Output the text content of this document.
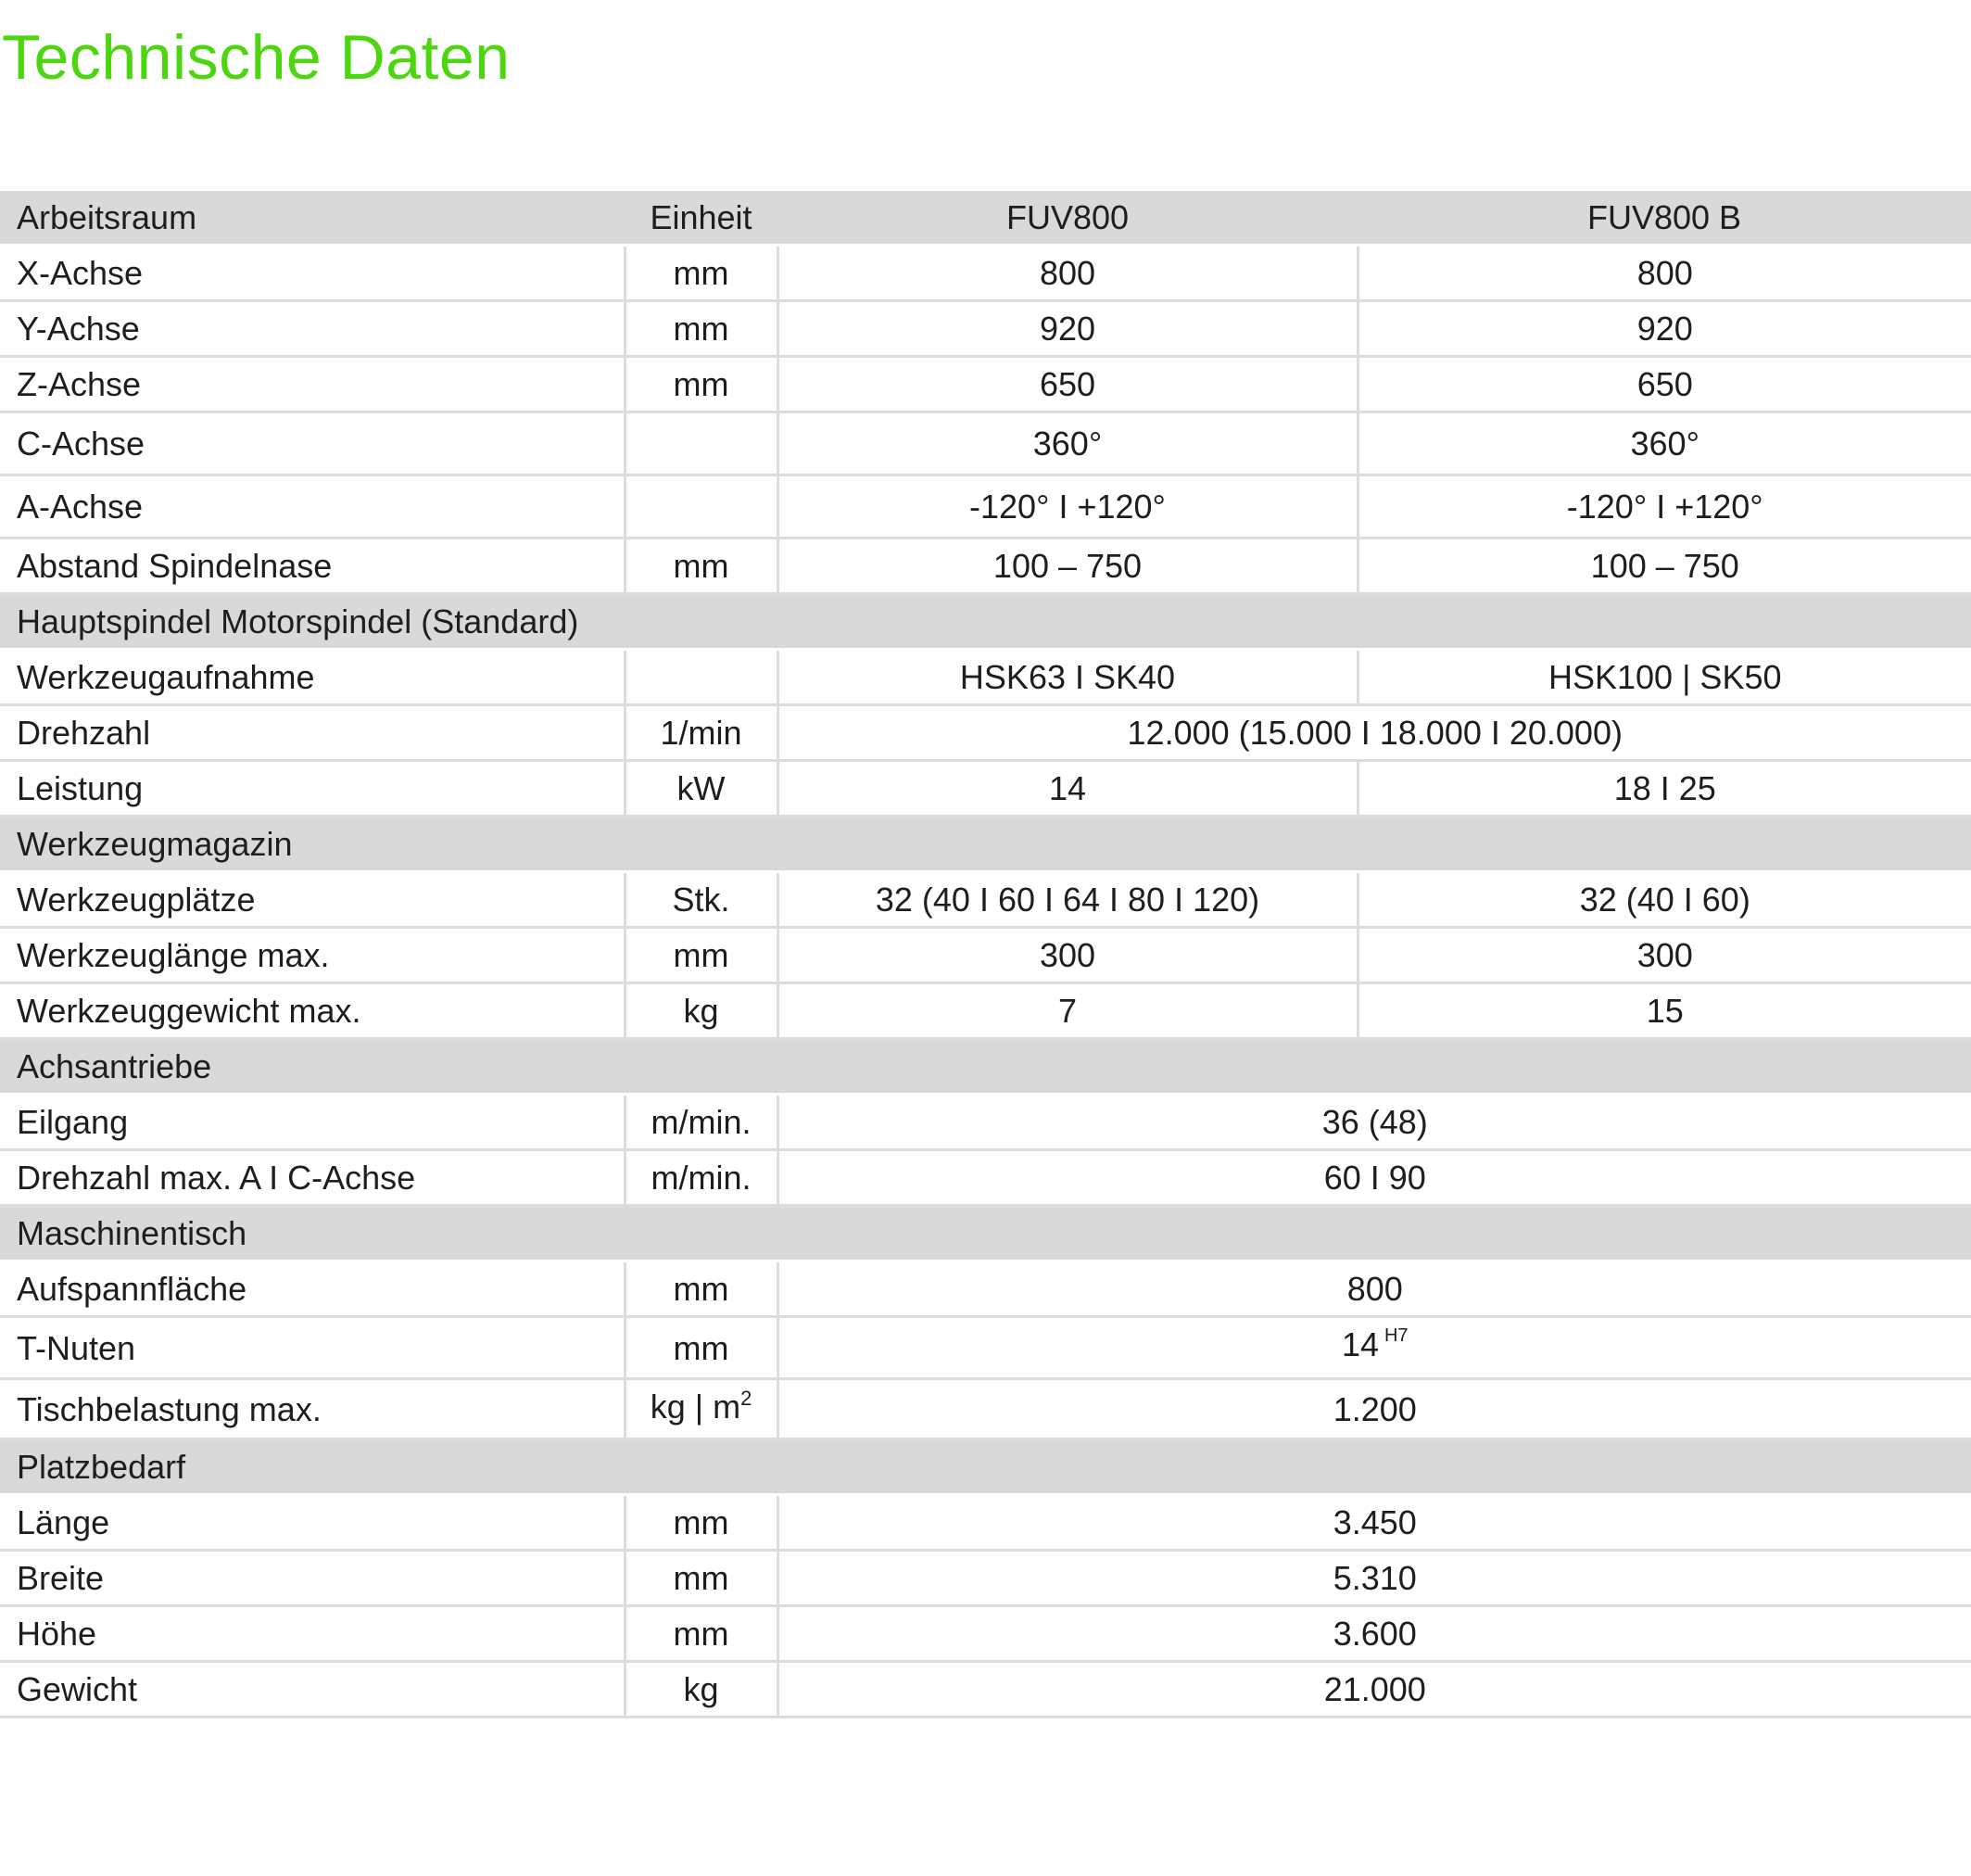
Technische Daten
Arbeitsraum	Einheit	FUV800	FUV800 B
X-Achse	mm	800	800
Y-Achse	mm	920	920
Z-Achse	mm	650	650
C-Achse		360°	360°
A-Achse		-120° I +120°	-120° I +120°
Abstand Spindelnase	mm	100 – 750	100 – 750
Hauptspindel Motorspindel (Standard)			
Werkzeugaufnahme		HSK63 I SK40	HSK100 | SK50
Drehzahl	1/min	12.000 (15.000 I 18.000 I 20.000)	
Leistung	kW	14	18 I 25
Werkzeugmagazin			
Werkzeugplätze	Stk.	32 (40 I 60 I 64 I 80 I 120)	32 (40 I 60)
Werkzeuglänge max.	mm	300	300
Werkzeuggewicht max.	kg	7	15
Achsantriebe			
Eilgang	m/min.	36 (48)	
Drehzahl max. A I C-Achse	m/min.	60 I 90	
Maschinentisch			
Aufspannfläche	mm	800	
T-Nuten	mm	14 $^{H7}$
Tischbelastung max.	kg | $m^2$	1.200	
Platzbedarf			
Länge	mm	3.450	
Breite	mm	5.310	
Höhe	mm	3.600	
Gewicht	kg	21.000	
